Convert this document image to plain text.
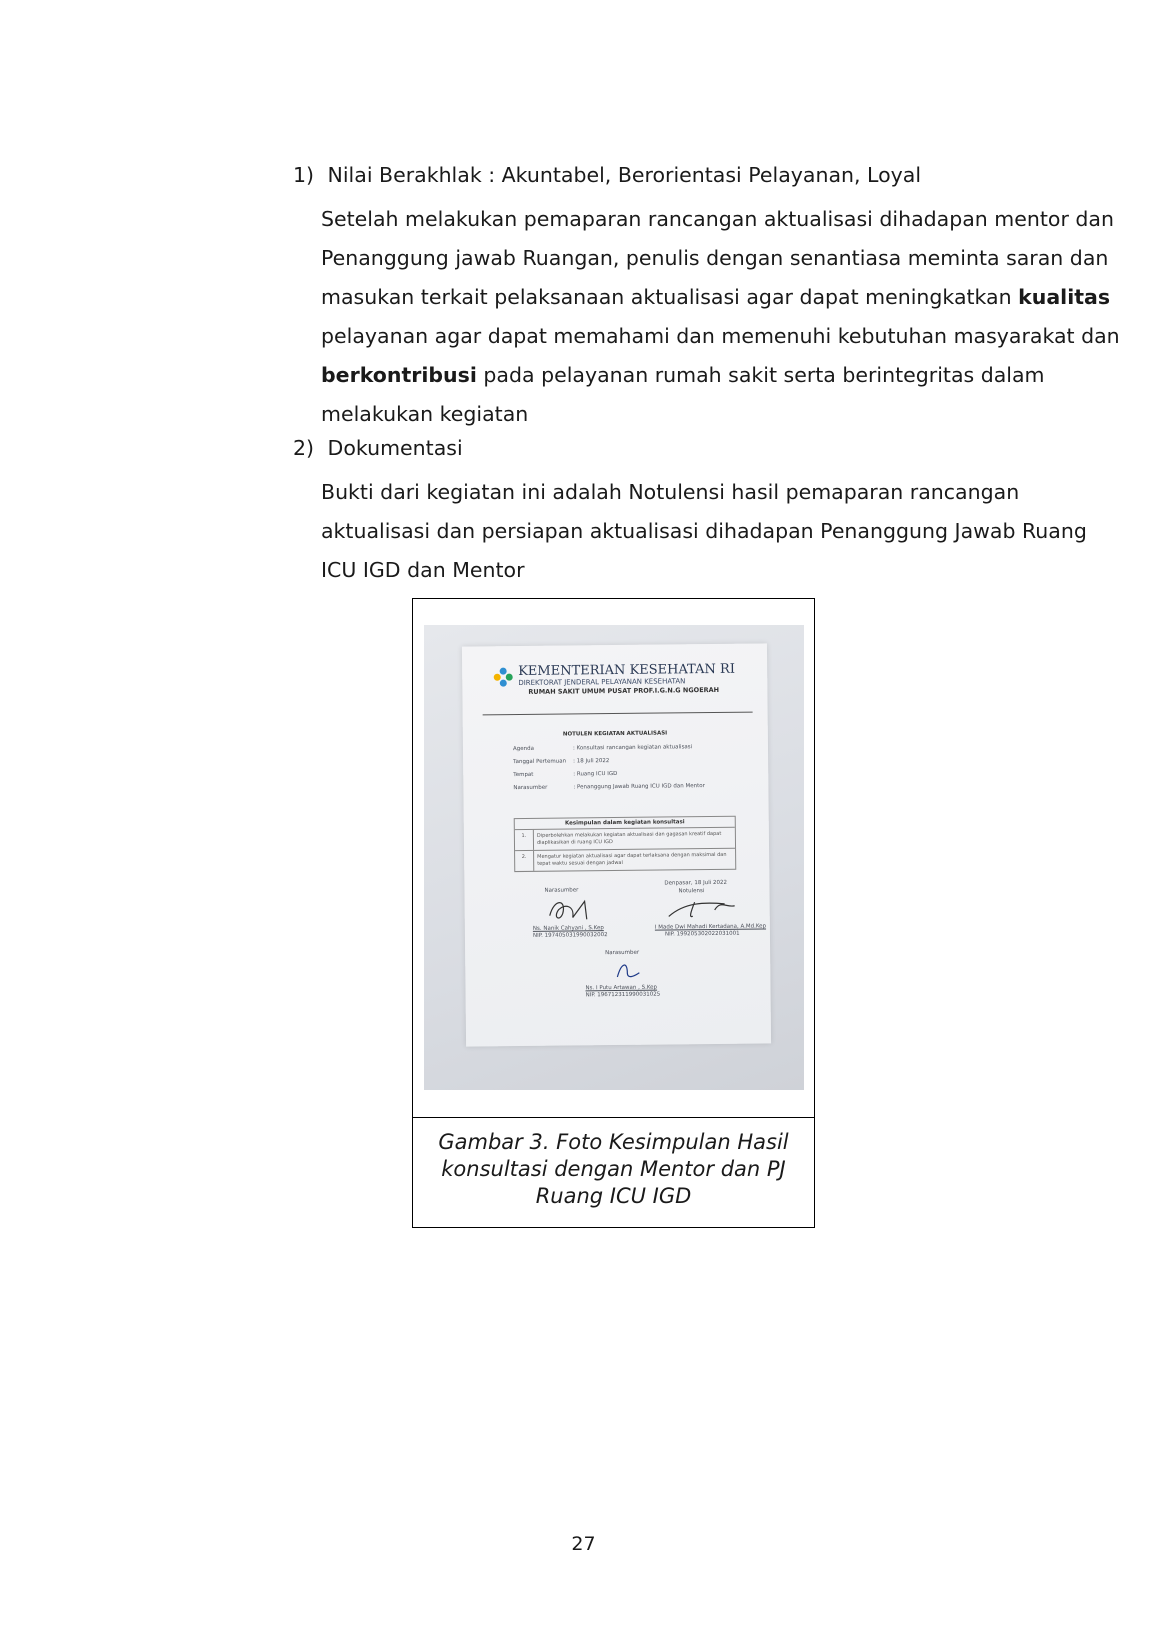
1) Nilai Berakhlak : Akuntabel, Berorientasi Pelayanan, Loyal
Setelah melakukan pemaparan rancangan aktualisasi dihadapan mentor dan
Penanggung jawab Ruangan, penulis dengan senantiasa meminta saran dan
masukan terkait pelaksanaan aktualisasi agar dapat meningkatkan kualitas
pelayanan agar dapat memahami dan memenuhi kebutuhan masyarakat dan
berkontribusi pada pelayanan rumah sakit serta berintegritas dalam
melakukan kegiatan
2) Dokumentasi
Bukti dari kegiatan ini adalah Notulensi hasil pemaparan rancangan
aktualisasi dan persiapan aktualisasi dihadapan Penanggung Jawab Ruang
ICU IGD dan Mentor
KEMENTERIAN KESEHATAN RI
DIREKTORAT JENDERAL PELAYANAN KESEHATAN
RUMAH SAKIT UMUM PUSAT PROF.I.G.N.G NGOERAH
NOTULEN KEGIATAN AKTUALISASI
Agenda	: Konsultasi rancangan kegiatan aktualisasi
Tanggal Pertemuan : 18 Juli 2022
Tempat	: Ruang ICU IGD
Narasumber	: Penanggung Jawab Ruang ICU IGD dan Mentor
Kesimpulan dalam kegiatan konsultasi
1.	Diperbolehkan melakukan kegiatan aktualisasi dan gagasan kreatif dapat diaplikasikan di ruang ICU IGD
2.	Mengatur kegiatan aktualisasi agar dapat terlaksana dengan maksimal dan tepat waktu sesuai dengan jadwal
Denpasar, 18 Juli 2022
Narasumber	Notulensi
Ns. Nanik Cahyani , S.Kep
NIP. 197405031990032002
I Made Dwi Mahadi Kertadana, A.Md.Kep
NIP. 199205302022031001
Narasumber
Ns. I Putu Artawan , S.Kep
NIP. 196712311990031025
Gambar 3. Foto Kesimpulan Hasil
konsultasi dengan Mentor dan PJ
Ruang ICU IGD
27
